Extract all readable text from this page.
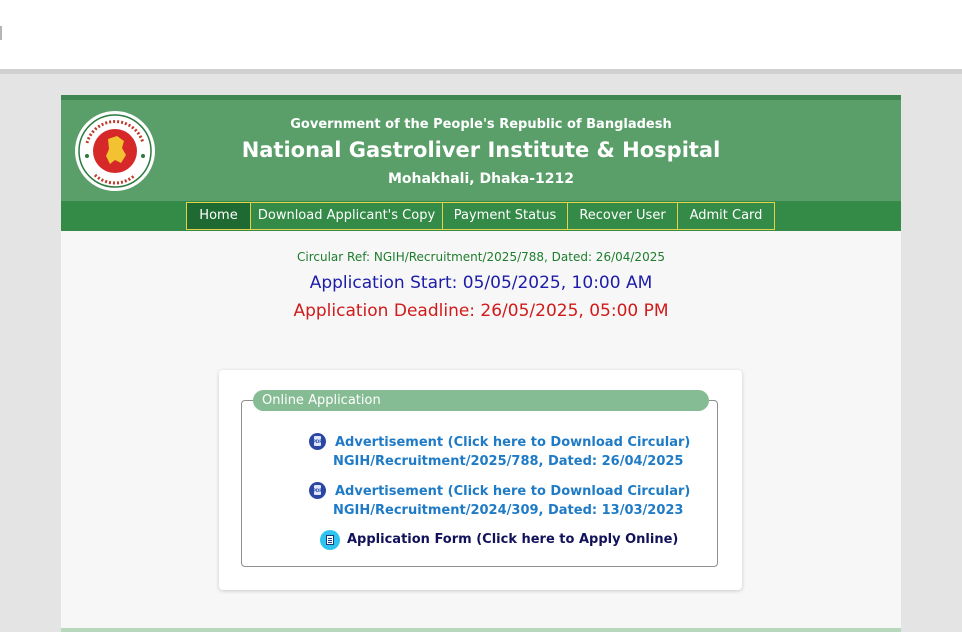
Government of the People's Republic of Bangladesh
National Gastroliver Institute & Hospital
Mohakhali, Dhaka-1212
Home	Download Applicant's Copy	Payment Status	Recover User	Admit Card
Circular Ref: NGIH/Recruitment/2025/788, Dated: 26/04/2025
Application Start: 05/05/2025, 10:00 AM
Application Deadline: 26/05/2025, 05:00 PM
Online Application
PDF Advertisement (Click here to Download Circular)
NGIH/Recruitment/2025/788, Dated: 26/04/2025
PDF Advertisement (Click here to Download Circular)
NGIH/Recruitment/2024/309, Dated: 13/03/2023
Application Form (Click here to Apply Online)
